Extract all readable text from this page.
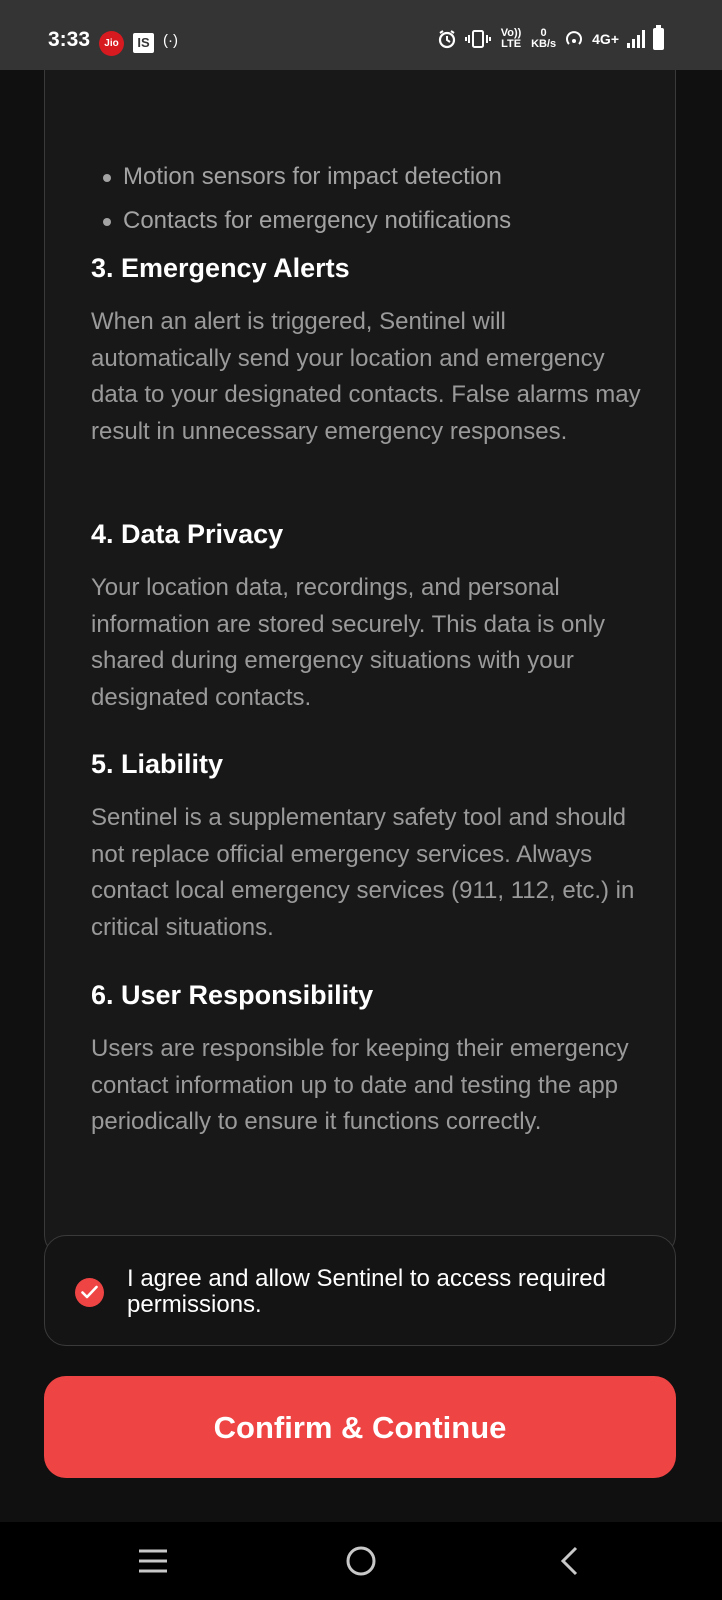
3:33	Jio	IS (·)	Vo)) LTE
0
KB/s	4G+
Motion sensors for impact detection
Contacts for emergency notifications
3. Emergency Alerts

When an alert is triggered, Sentinel will automatically send your location and emergency data to your designated contacts. False alarms may result in unnecessary emergency responses.

4. Data Privacy

Your location data, recordings, and personal information are stored securely. This data is only shared during emergency situations with your designated contacts.

5. Liability

Sentinel is a supplementary safety tool and should not replace official emergency services. Always contact local emergency services (911, 112, etc.) in critical situations.

6. User Responsibility

Users are responsible for keeping their emergency contact information up to date and testing the app periodically to ensure it functions correctly.

I agree and allow Sentinel to access required permissions.
Confirm & Continue
